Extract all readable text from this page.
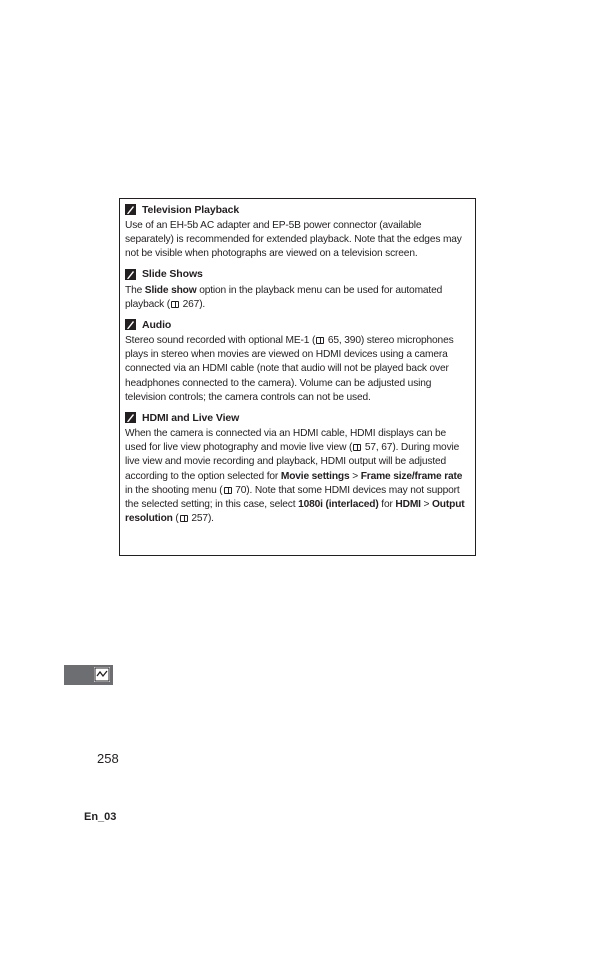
Television Playback
Use of an EH-5b AC adapter and EP-5B power connector (available separately) is recommended for extended playback. Note that the edges may not be visible when photographs are viewed on a television screen.
Slide Shows
The Slide show option in the playback menu can be used for automated playback ( 267).
Audio
Stereo sound recorded with optional ME-1 ( 65, 390) stereo microphones plays in stereo when movies are viewed on HDMI devices using a camera connected via an HDMI cable (note that audio will not be played back over headphones connected to the camera). Volume can be adjusted using television controls; the camera controls can not be used.
HDMI and Live View
When the camera is connected via an HDMI cable, HDMI displays can be used for live view photography and movie live view ( 57, 67). During movie live view and movie recording and playback, HDMI output will be adjusted according to the option selected for Movie settings > Frame size/frame rate in the shooting menu ( 70). Note that some HDMI devices may not support the selected setting; in this case, select 1080i (interlaced) for HDMI > Output resolution ( 257).
258
En_03
